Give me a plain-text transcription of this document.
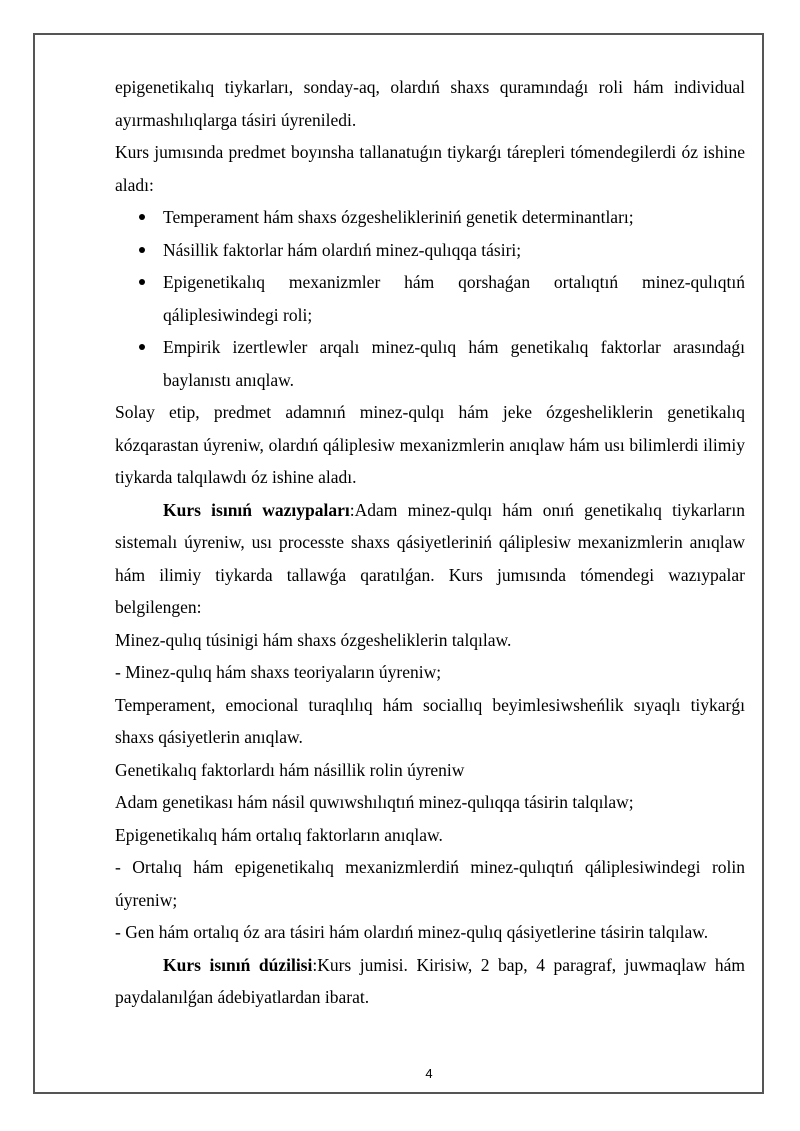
epigenetikalıq tiykarları, sonday-aq, olardıń shaxs quramındaǵı roli hám individual ayırmashılıqlarga tásiri úyreniledi.

Kurs jumısında predmet boyınsha tallanatuǵın tiykarǵı tárepleri tómendegilerdi óz ishine aladı:

Temperament hám shaxs ózgeshelikleriniń genetik determinantları;
Násillik faktorlar hám olardıń minez-qulıqqa tásiri;
Epigenetikalıq mexanizmler hám qorshaǵan ortalıqtıń minez-qulıqtıń qáliplesiwindegi roli;
Empirik izertlewler arqalı minez-qulıq hám genetikalıq faktorlar arasındaǵı baylanıstı anıqlaw.

Solay etip, predmet adamnıń minez-qulqı hám jeke ózgesheliklerin genetikalıq kózqarastan úyreniw, olardıń qáliplesiw mexanizmlerin anıqlaw hám usı bilimlerdi ilimiy tiykarda talqılawdı óz ishine aladı.

Kurs isınıń wazıypaları:Adam minez-qulqı hám onıń genetikalıq tiykarların sistemalı úyreniw, usı processte shaxs qásiyetleriniń qáliplesiw mexanizmlerin anıqlaw hám ilimiy tiykarda tallawǵa qaratılǵan. Kurs jumısında tómendegi wazıypalar belgilengen:

Minez-qulıq túsinigi hám shaxs ózgesheliklerin talqılaw.

- Minez-qulıq hám shaxs teoriyaların úyreniw;

Temperament, emocional turaqlılıq hám sociallıq beyimlesiwsheńlik sıyaqlı tiykarǵı shaxs qásiyetlerin anıqlaw.

Genetikalıq faktorlardı hám násillik rolin úyreniw

Adam genetikası hám násil quwıwshılıqtıń minez-qulıqqa tásirin talqılaw;

Epigenetikalıq hám ortalıq faktorların anıqlaw.

- Ortalıq hám epigenetikalıq mexanizmlerdiń minez-qulıqtıń qáliplesiwindegi rolin úyreniw;

- Gen hám ortalıq óz ara tásiri hám olardıń minez-qulıq qásiyetlerine tásirin talqılaw.

Kurs isınıń dúzilisi:Kurs jumisi. Kirisiw, 2 bap, 4 paragraf, juwmaqlaw hám paydalanılǵan ádebiyatlardan ibarat.

4
